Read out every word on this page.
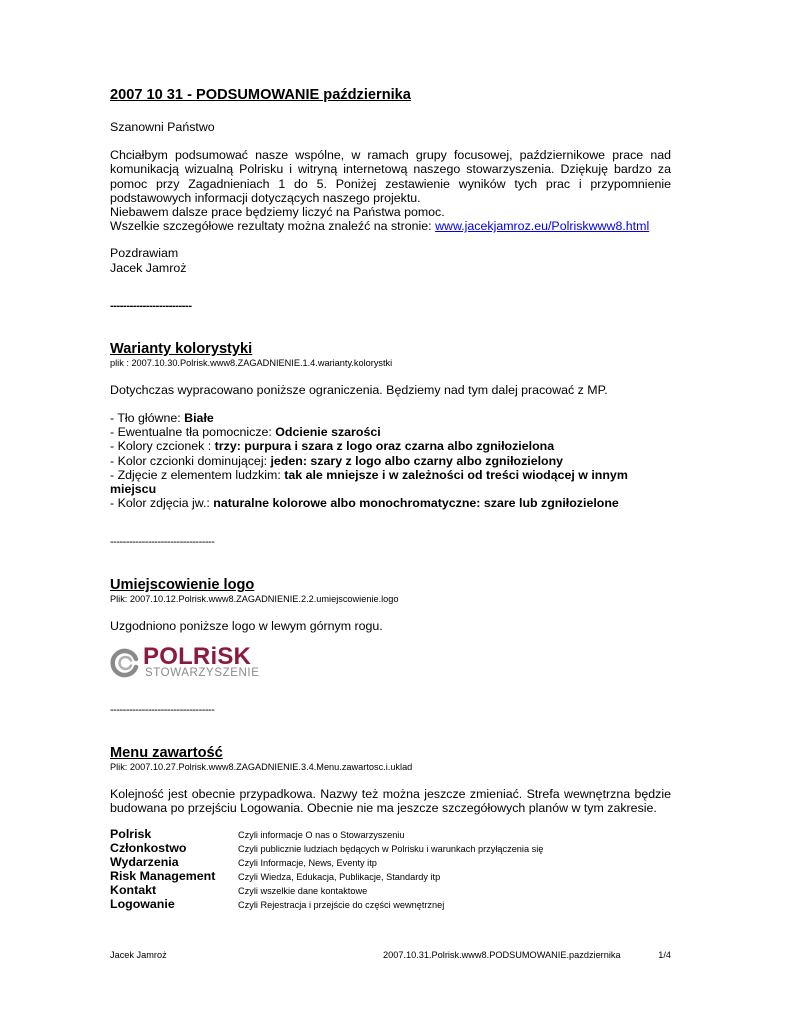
2007 10 31 - PODSUMOWANIE października
Szanowni Państwo
Chciałbym podsumować nasze wspólne, w ramach grupy focusowej, październikowe prace nad komunikacją wizualną Polrisku i witryną internetową naszego stowarzyszenia. Dziękuję bardzo za pomoc przy Zagadnieniach 1 do 5. Poniżej zestawienie wyników tych prac i przypomnienie podstawowych informacji dotyczących naszego projektu.
Niebawem dalsze prace będziemy liczyć na Państwa pomoc.
Wszelkie szczegółowe rezultaty można znaleźć na stronie: www.jacekjamroz.eu/Polriskwww8.html
Pozdrawiam
Jacek Jamroż
-------------------------
Warianty kolorystyki
plik : 2007.10.30.Polrisk.www8.ZAGADNIENIE.1.4.warianty.kolorystki
Dotychczas wypracowano poniższe ograniczenia. Będziemy nad tym dalej pracować z MP.
- Tło główne: Białe
- Ewentualne tła pomocnicze: Odcienie szarości
- Kolory czcionek : trzy: purpura i szara z logo oraz czarna albo zgniłozielona
- Kolor czcionki dominującej: jeden: szary z logo albo czarny albo zgniłozielony
- Zdjęcie z elementem ludzkim: tak ale mniejsze i w zależności od treści wiodącej w innym miejscu
- Kolor zdjęcia jw.: naturalne kolorowe albo monochromatyczne: szare lub zgniłozielone
---------------------------------
Umiejscowienie logo
Plik: 2007.10.12.Polrisk.www8.ZAGADNIENIE.2.2.umiejscowienie.logo
Uzgodniono poniższe logo w lewym górnym rogu.
POLRiSK
STOWARZYSZENIE
---------------------------------
Menu zawartość
Plik: 2007.10.27.Polrisk.www8.ZAGADNIENIE.3.4.Menu.zawartosc.i.uklad
Kolejność jest obecnie przypadkowa. Nazwy też można jeszcze zmieniać. Strefa wewnętrzna będzie budowana po przejściu Logowania. Obecnie nie ma jeszcze szczegółowych planów w tym zakresie.
Polrisk	Czyli informacje O nas o Stowarzyszeniu
Członkostwo	Czyli publicznie ludziach będących w Polrisku i warunkach przyłączenia się
Wydarzenia	Czyli Informacje, News, Eventy itp
Risk Management	Czyli Wiedza, Edukacja, Publikacje, Standardy itp
Kontakt	Czyli wszelkie dane kontaktowe
Logowanie	Czyli Rejestracja i przejście do części wewnętrznej
Jacek Jamroż	2007.10.31.Polrisk.www8.PODSUMOWANIE.pazdziernika	1/4
